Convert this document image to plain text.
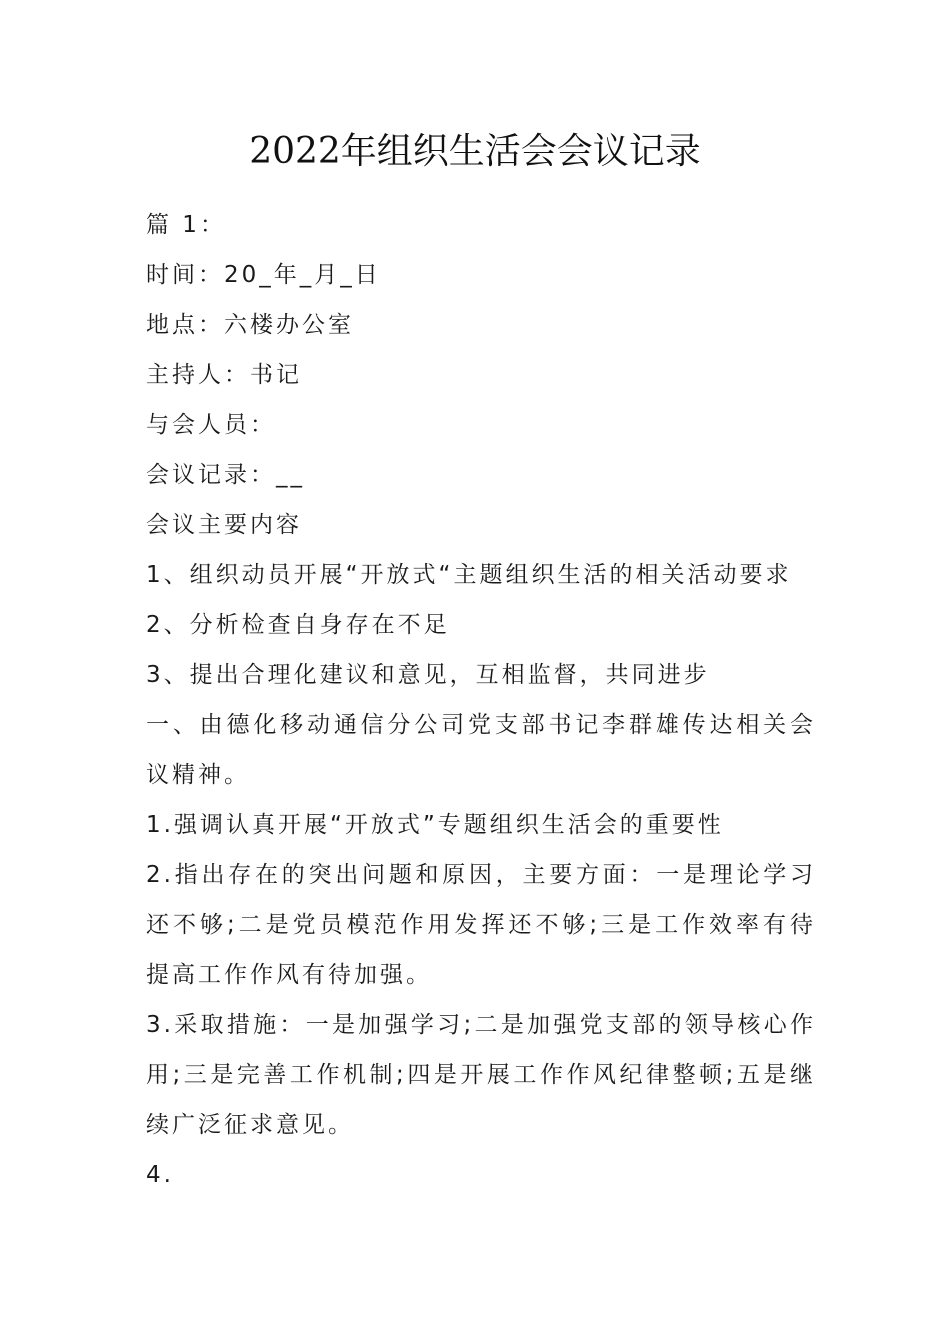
2022年组织生活会会议记录

篇 1：

时间：20_年_月_日

地点：六楼办公室

主持人：书记

与会人员：

会议记录：__

会议主要内容

1、组织动员开展“开放式“主题组织生活的相关活动要求

2、分析检查自身存在不足

3、提出合理化建议和意见，互相监督，共同进步

一、由德化移动通信分公司党支部书记李群雄传达相关会议精神。

1.强调认真开展“开放式”专题组织生活会的重要性

2.指出存在的突出问题和原因，主要方面：一是理论学习还不够;二是党员模范作用发挥还不够;三是工作效率有待提高工作作风有待加强。

3.采取措施：一是加强学习;二是加强党支部的领导核心作用;三是完善工作机制;四是开展工作作风纪律整顿;五是继续广泛征求意见。

4.
